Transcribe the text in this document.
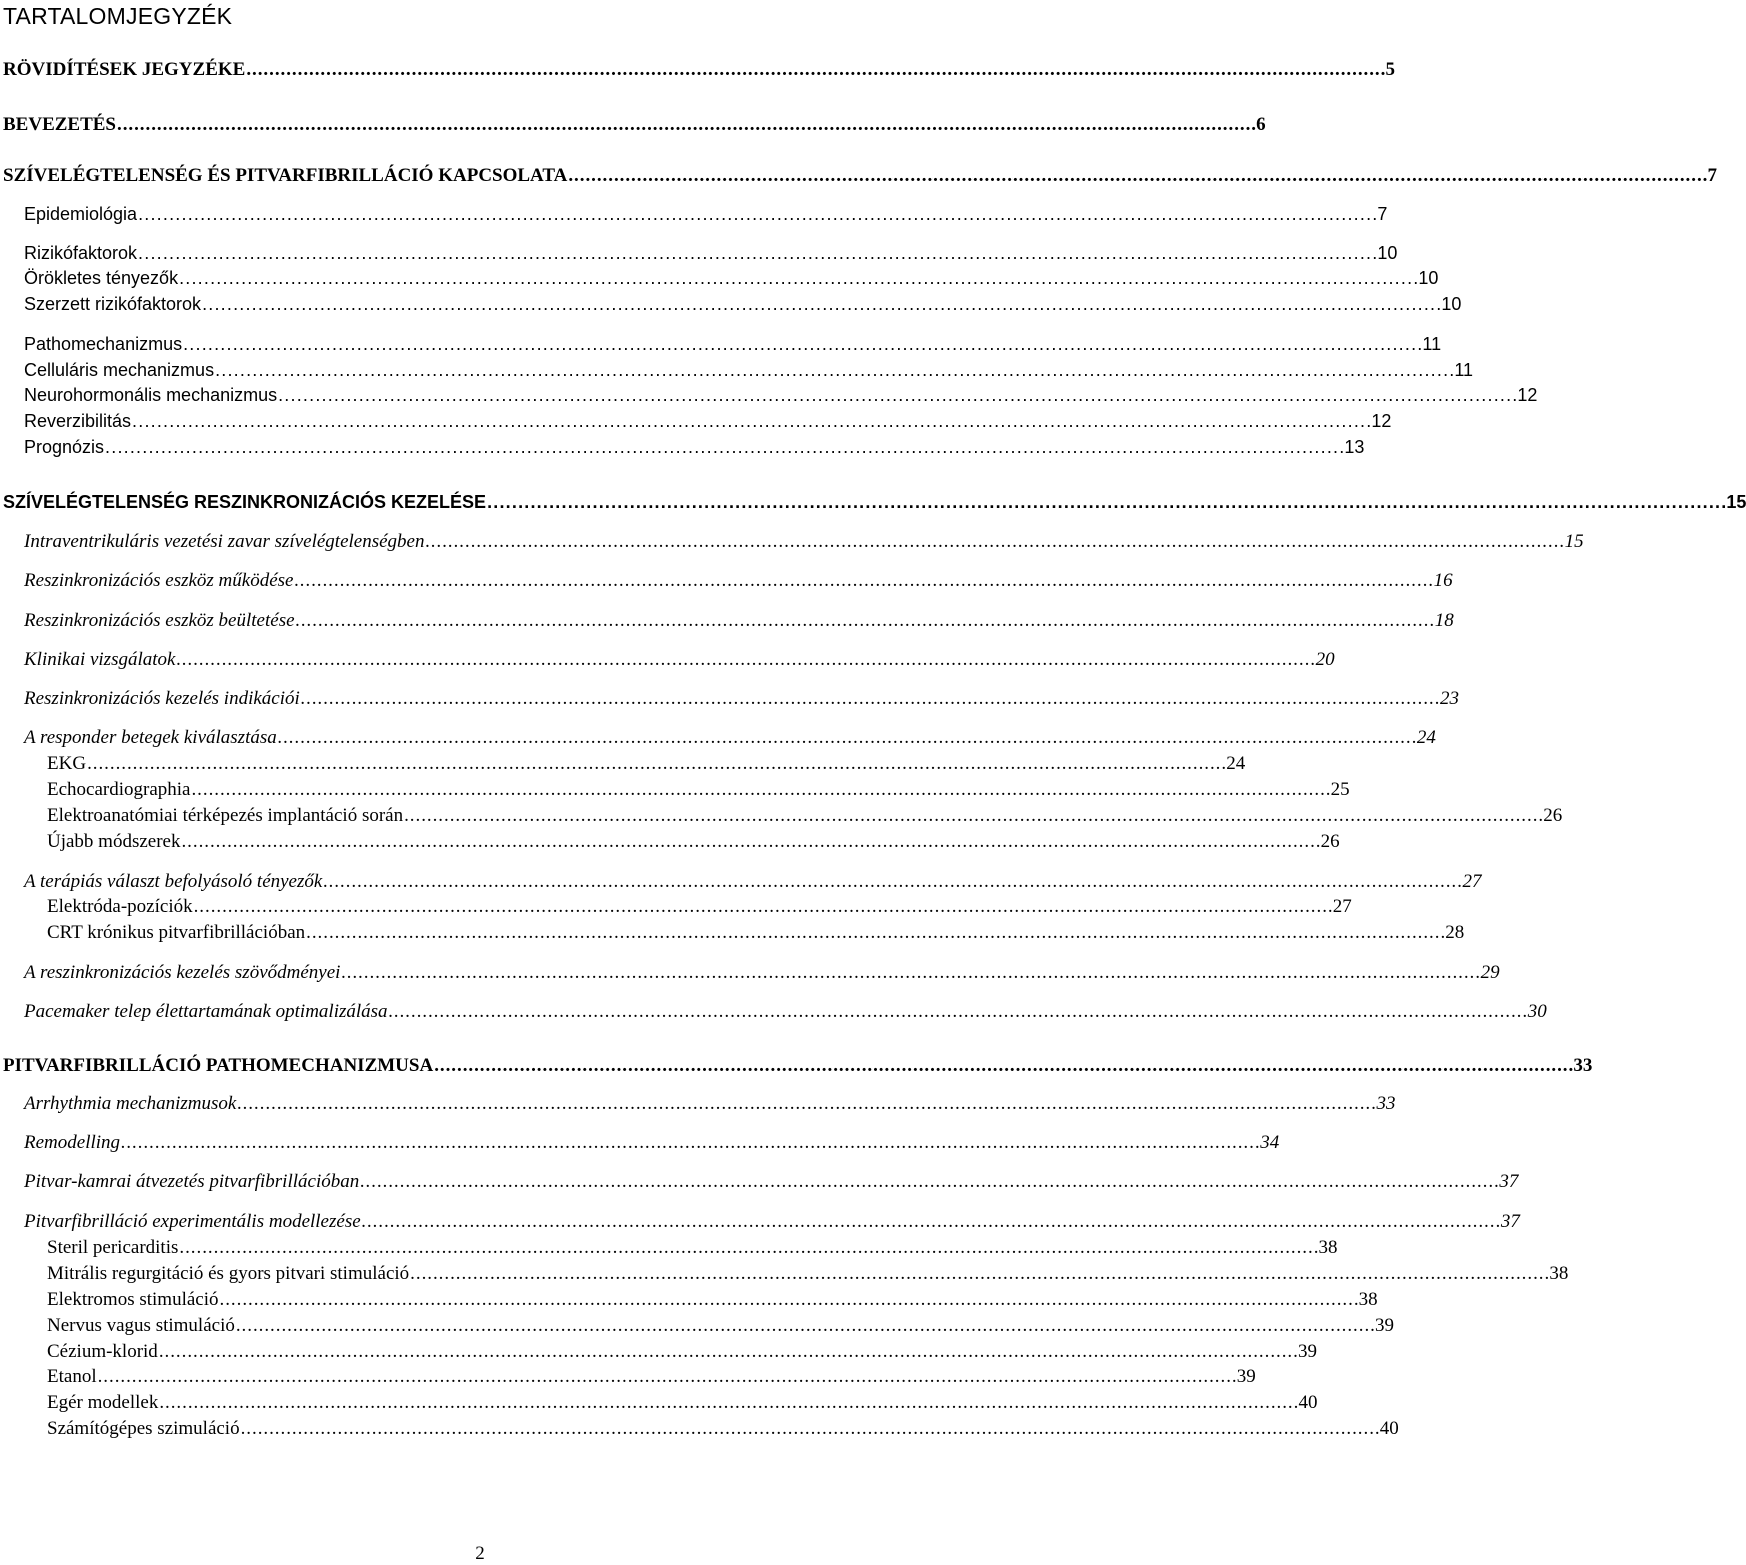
TARTALOMJEGYZÉK
RÖVIDÍTÉSEK JEGYZÉKE . . .	5
BEVEZETÉS . . .	6
SZÍVELÉGTELENSÉG ÉS PITVARFIBRILLÁCIÓ KAPCSOLATA . . .	7
Epidemiológia . . .	7
Rizikófaktorok . . .	10
Örökletes tényezők . . .	10
Szerzett rizikófaktorok . . .	10
Pathomechanizmus . . .	11
Celluláris mechanizmus . . .	11
Neurohormonális mechanizmus . . .	12
Reverzibilitás . . .	12
Prognózis . . .	13
SZÍVELÉGTELENSÉG RESZINKRONIZÁCIÓS KEZELÉSE . . .	15
Intraventrikuláris vezetési zavar szívelégtelenségben . . .	15
Reszinkronizációs eszköz működése . . .	16
Reszinkronizációs eszköz beültetése . . .	18
Klinikai vizsgálatok . . .	20
Reszinkronizációs kezelés indikációi . . .	23
A responder betegek kiválasztása . . .	24
EKG . . .	24
Echocardiographia . . .	25
Elektroanatómiai térképezés implantáció során . . .	26
Újabb módszerek . . .	26
A terápiás választ befolyásoló tényezők . . .	27
Elektróda-pozíciók . . .	27
CRT krónikus pitvarfibrillációban . . .	28
A reszinkronizációs kezelés szövődményei . . .	29
Pacemaker telep élettartamának optimalizálása . . .	30
PITVARFIBRILLÁCIÓ PATHOMECHANIZMUSA . . .	33
Arrhythmia mechanizmusok . . .	33
Remodelling . . .	34
Pitvar-kamrai átvezetés pitvarfibrillációban . . .	37
Pitvarfibrilláció experimentális modellezése . . .	37
Steril pericarditis . . .	38
Mitrális regurgitáció és gyors pitvari stimuláció . . .	38
Elektromos stimuláció . . .	38
Nervus vagus stimuláció . . .	39
Cézium-klorid . . .	39
Etanol . . .	39
Egér modellek . . .	40
Számítógépes szimuláció . . .	40
2
